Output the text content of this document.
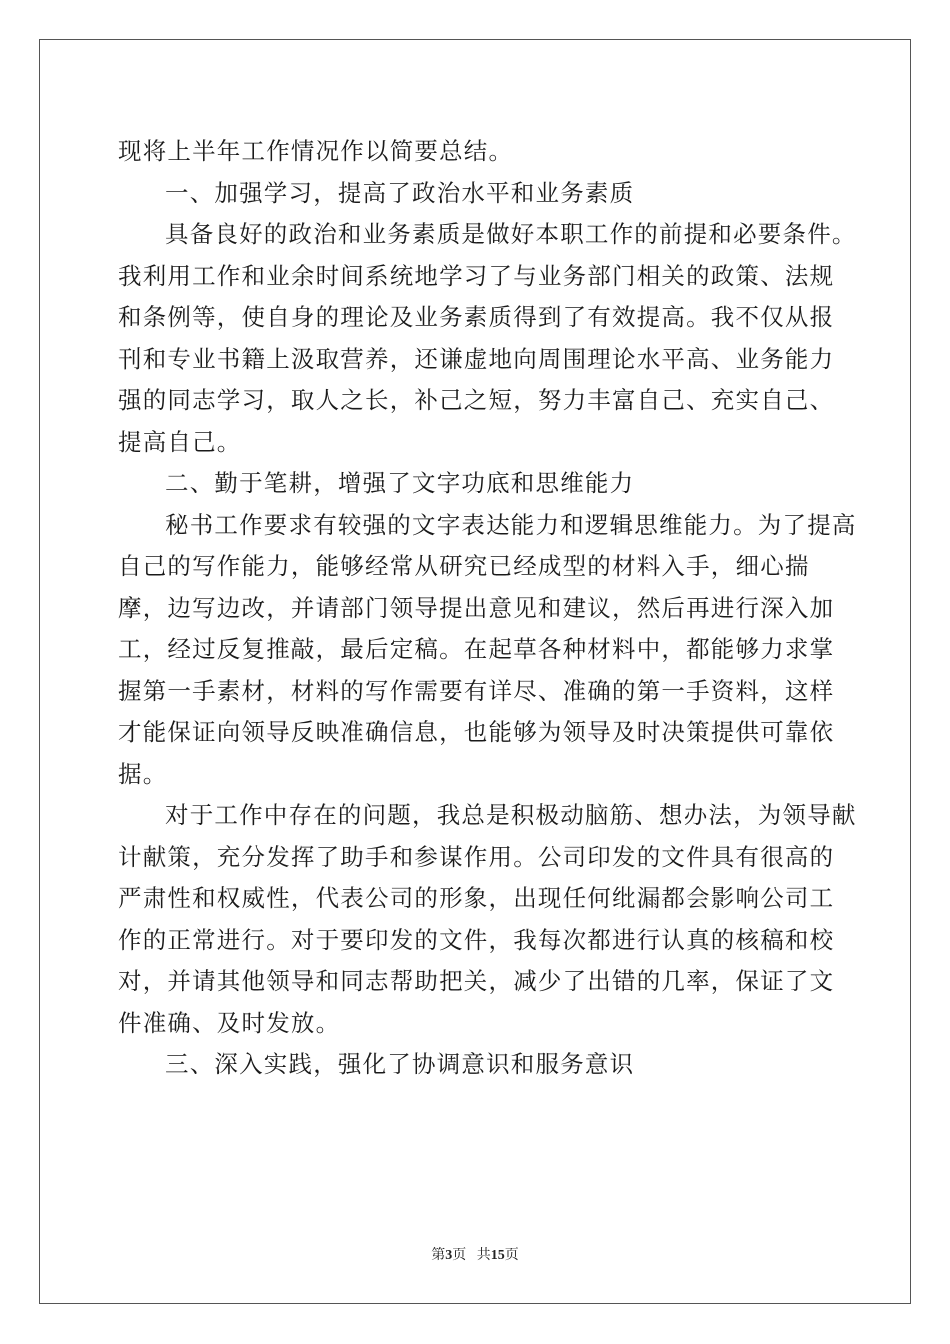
现将上半年工作情况作以简要总结。

一、加强学习，提高了政治水平和业务素质

具备良好的政治和业务素质是做好本职工作的前提和必要条件。我利用工作和业余时间系统地学习了与业务部门相关的政策、法规和条例等，使自身的理论及业务素质得到了有效提高。我不仅从报刊和专业书籍上汲取营养，还谦虚地向周围理论水平高、业务能力强的同志学习，取人之长，补己之短，努力丰富自己、充实自己、提高自己。

二、勤于笔耕，增强了文字功底和思维能力

秘书工作要求有较强的文字表达能力和逻辑思维能力。为了提高自己的写作能力，能够经常从研究已经成型的材料入手，细心揣摩，边写边改，并请部门领导提出意见和建议，然后再进行深入加工，经过反复推敲，最后定稿。在起草各种材料中，都能够力求掌握第一手素材，材料的写作需要有详尽、准确的第一手资料，这样才能保证向领导反映准确信息，也能够为领导及时决策提供可靠依据。

对于工作中存在的问题，我总是积极动脑筋、想办法，为领导献计献策，充分发挥了助手和参谋作用。公司印发的文件具有很高的严肃性和权威性，代表公司的形象，出现任何纰漏都会影响公司工作的正常进行。对于要印发的文件，我每次都进行认真的核稿和校对，并请其他领导和同志帮助把关，减少了出错的几率，保证了文件准确、及时发放。

三、深入实践，强化了协调意识和服务意识

第3页 共15页
